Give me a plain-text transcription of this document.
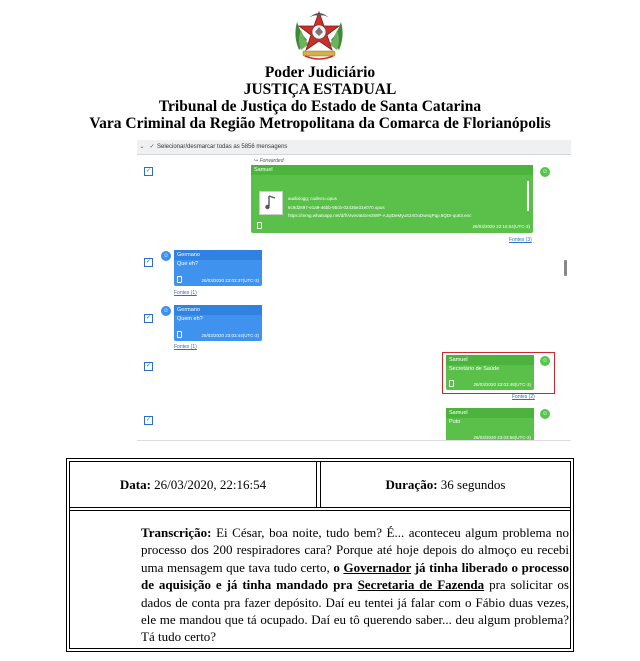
Poder Judiciário
JUSTIÇA ESTADUAL
Tribunal de Justiça do Estado de Santa Catarina
Vara Criminal da Região Metropolitana da Comarca de Florianópolis
⌄ ✓ Selecionar/desmarcar todas as 5856 mensagens
✓
↪ Forwarded
Samuel
audio/ogg; codecs=opus
6c9d2697-e1a9-46bb-95cb-02435e31e070.opus
https://mmg.whatsapp.net/d/f/AIveoI&GesSWP-AJqIDeMyuS24OoDwnqPqp.8QDI-qu53.enc
26/03/2020 22:16:54(UTC-3)
☺
Fontes (3)
✓
☺	Germano
Que eh?
26/03/2020 23:03:37(UTC-3)
Fontes (1)
✓
☺	Germano
Quem eh?
26/03/2020 23:03:44(UTC-3)
Fontes (1)
✓
Samuel
Secretário de Saúde
26/03/2020 23:03:48(UTC-3)
☺
Fontes (2)
✓
Samuel
Puto
26/03/2020 23:03:56(UTC-3)
☺
Data: 26/03/2020, 22:16:54	Duração: 36 segundos
Transcrição: Ei César, boa noite, tudo bem? É... aconteceu algum problema no processo dos 200 respiradores cara? Porque até hoje depois do almoço eu recebi uma mensagem que tava tudo certo, o Governador já tinha liberado o processo de aquisição e já tinha mandado pra Secretaria de Fazenda pra solicitar os dados de conta pra fazer depósito. Daí eu tentei já falar com o Fábio duas vezes, ele me mandou que tá ocupado. Daí eu tô querendo saber... deu algum problema? Tá tudo certo?
